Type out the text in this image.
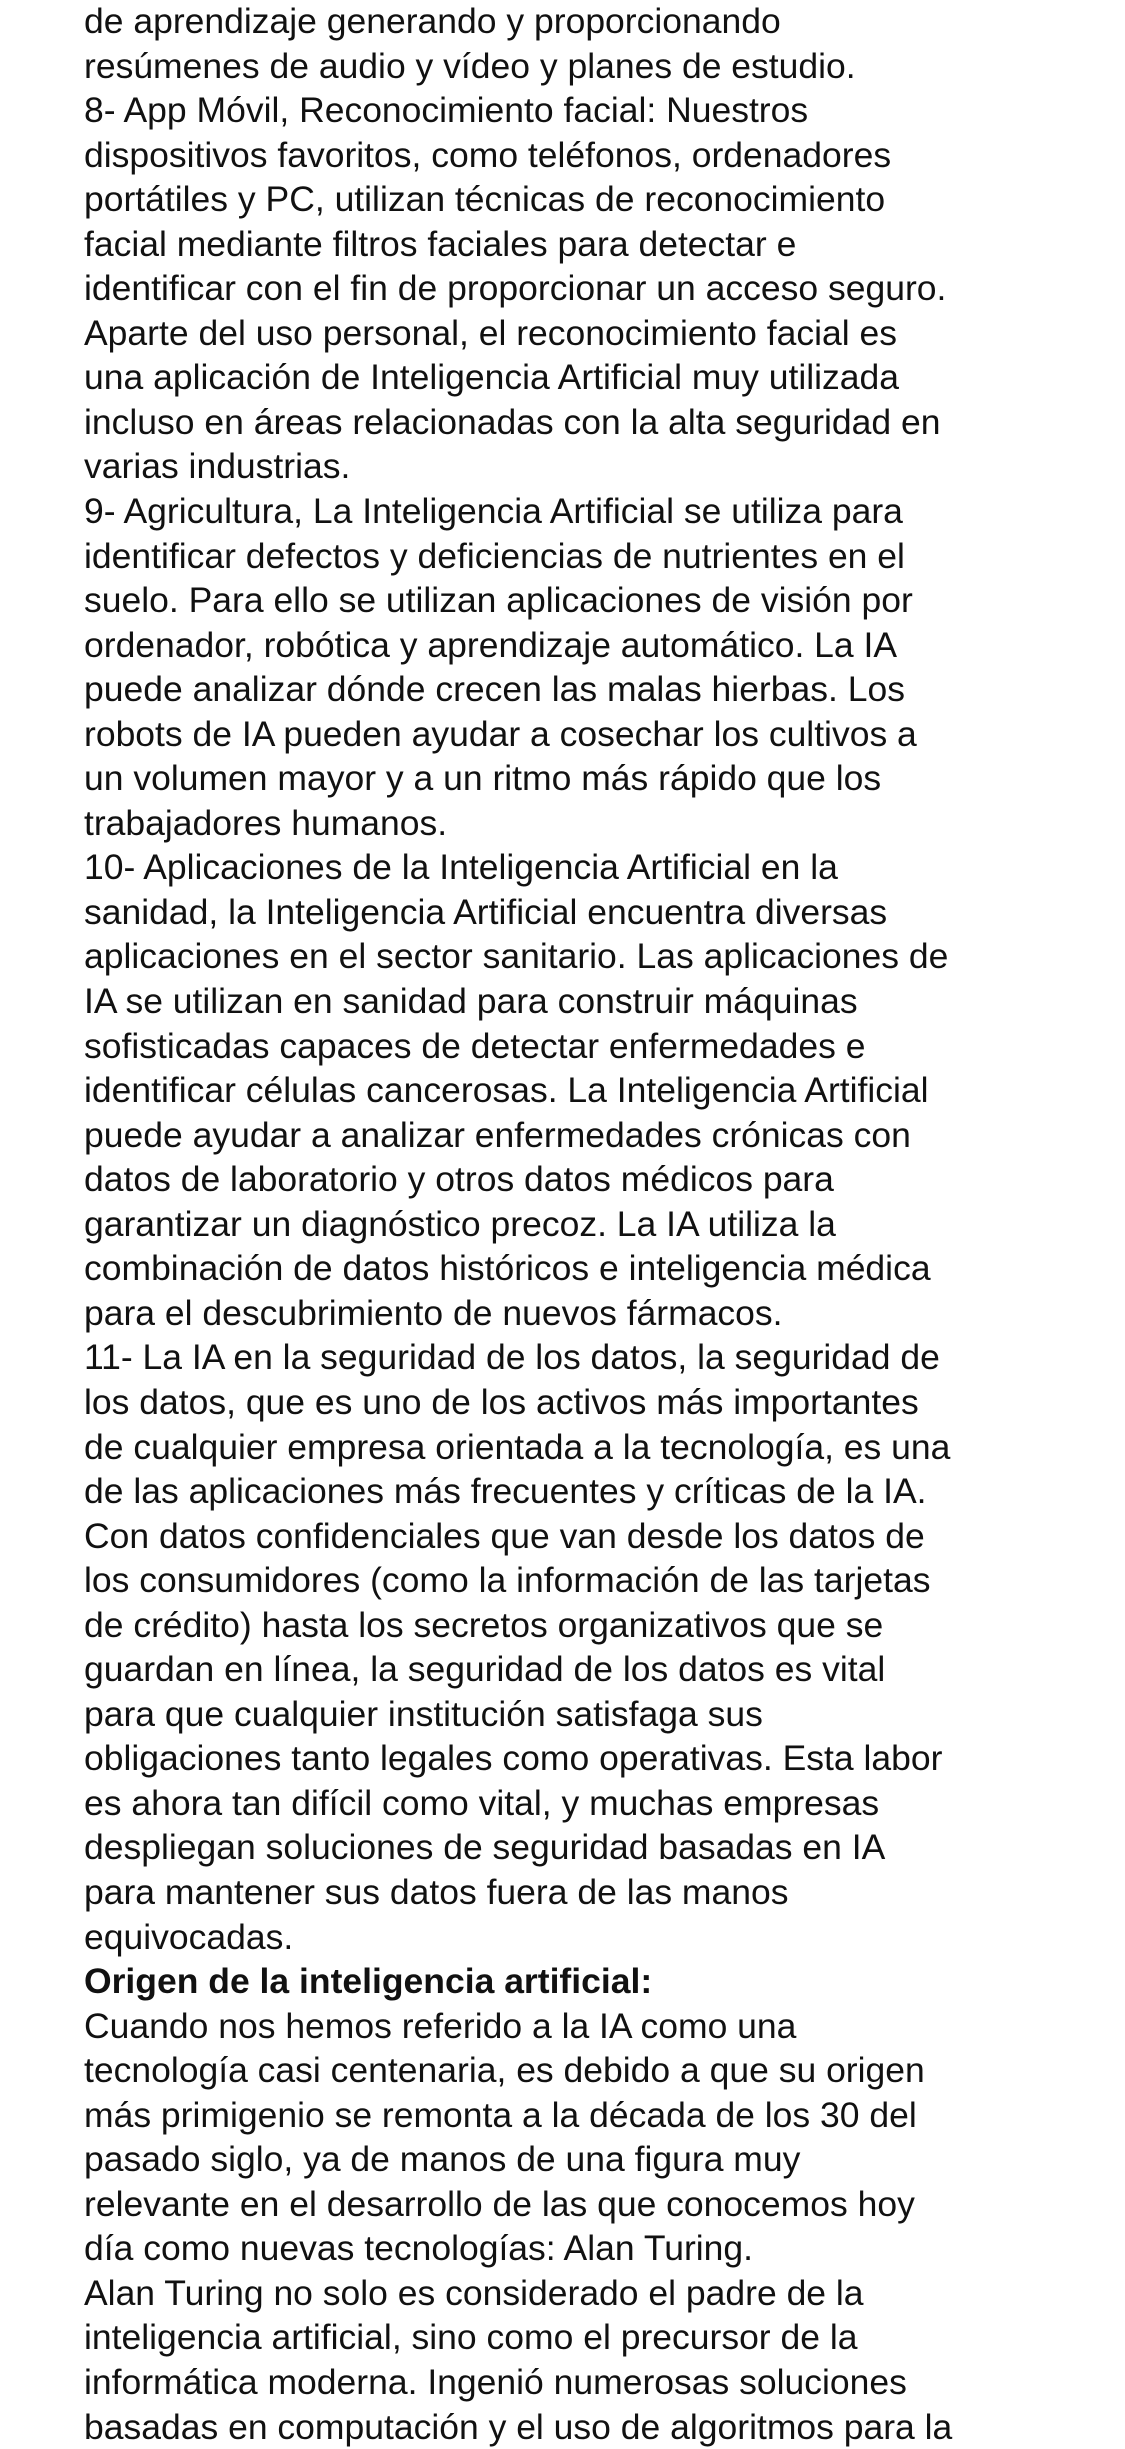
de aprendizaje generando y proporcionando
resúmenes de audio y vídeo y planes de estudio.
8- App Móvil, Reconocimiento facial: Nuestros
dispositivos favoritos, como teléfonos, ordenadores
portátiles y PC, utilizan técnicas de reconocimiento
facial mediante filtros faciales para detectar e
identificar con el fin de proporcionar un acceso seguro.
Aparte del uso personal, el reconocimiento facial es
una aplicación de Inteligencia Artificial muy utilizada
incluso en áreas relacionadas con la alta seguridad en
varias industrias.
9- Agricultura, La Inteligencia Artificial se utiliza para
identificar defectos y deficiencias de nutrientes en el
suelo. Para ello se utilizan aplicaciones de visión por
ordenador, robótica y aprendizaje automático. La IA
puede analizar dónde crecen las malas hierbas. Los
robots de IA pueden ayudar a cosechar los cultivos a
un volumen mayor y a un ritmo más rápido que los
trabajadores humanos.
10- Aplicaciones de la Inteligencia Artificial en la
sanidad, la Inteligencia Artificial encuentra diversas
aplicaciones en el sector sanitario. Las aplicaciones de
IA se utilizan en sanidad para construir máquinas
sofisticadas capaces de detectar enfermedades e
identificar células cancerosas. La Inteligencia Artificial
puede ayudar a analizar enfermedades crónicas con
datos de laboratorio y otros datos médicos para
garantizar un diagnóstico precoz. La IA utiliza la
combinación de datos históricos e inteligencia médica
para el descubrimiento de nuevos fármacos.
11- La IA en la seguridad de los datos, la seguridad de
los datos, que es uno de los activos más importantes
de cualquier empresa orientada a la tecnología, es una
de las aplicaciones más frecuentes y críticas de la IA.
Con datos confidenciales que van desde los datos de
los consumidores (como la información de las tarjetas
de crédito) hasta los secretos organizativos que se
guardan en línea, la seguridad de los datos es vital
para que cualquier institución satisfaga sus
obligaciones tanto legales como operativas. Esta labor
es ahora tan difícil como vital, y muchas empresas
despliegan soluciones de seguridad basadas en IA
para mantener sus datos fuera de las manos
equivocadas.
Origen de la inteligencia artificial:
Cuando nos hemos referido a la IA como una
tecnología casi centenaria, es debido a que su origen
más primigenio se remonta a la década de los 30 del
pasado siglo, ya de manos de una figura muy
relevante en el desarrollo de las que conocemos hoy
día como nuevas tecnologías: Alan Turing.
Alan Turing no solo es considerado el padre de la
inteligencia artificial, sino como el precursor de la
informática moderna. Ingenió numerosas soluciones
basadas en computación y el uso de algoritmos para la
